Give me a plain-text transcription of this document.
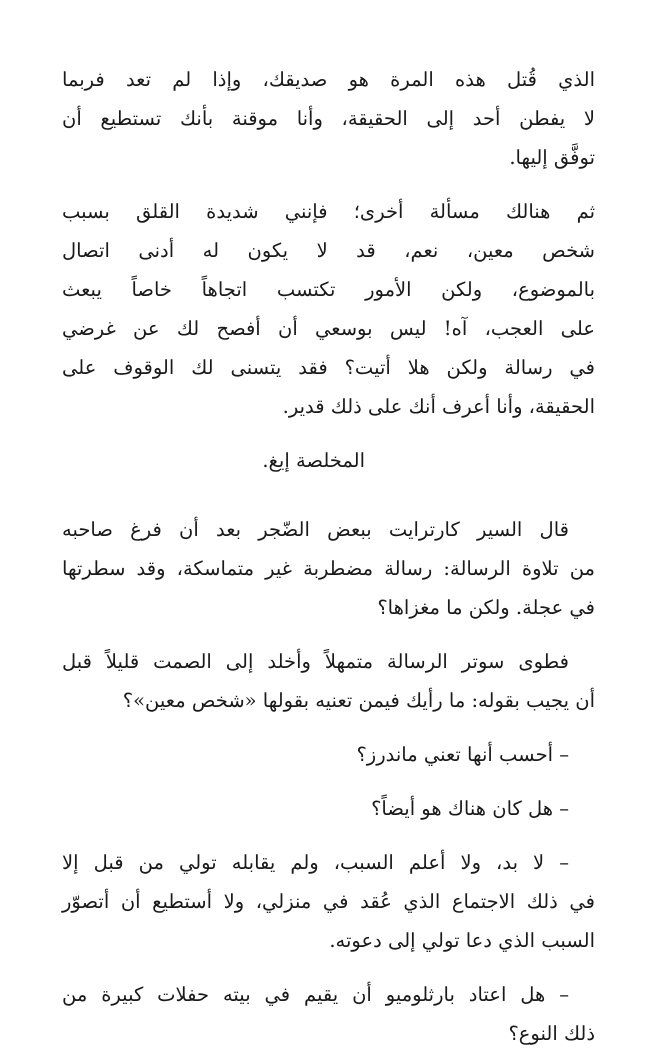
الذي قُتل هذه المرة هو صديقك، وإذا لم تعد فربما
لا يفطن أحد إلى الحقيقة، وأنا موقنة بأنك تستطيع أن
توفَّق إليها.
ثم هنالك مسألة أخرى؛ فإنني شديدة القلق بسبب
شخص معين، نعم، قد لا يكون له أدنى اتصال
بالموضوع، ولكن الأمور تكتسب اتجاهاً خاصاً يبعث
على العجب، آه! ليس بوسعي أن أفصح لك عن غرضي
في رسالة ولكن هلا أتيت؟ فقد يتسنى لك الوقوف على
الحقيقة، وأنا أعرف أنك على ذلك قدير.
المخلصة إيغ.
قال السير كارترايت ببعض الضّجر بعد أن فرغ صاحبه
من تلاوة الرسالة: رسالة مضطربة غير متماسكة، وقد سطرتها
في عجلة. ولكن ما مغزاها؟
فطوى سوتر الرسالة متمهلاً وأخلد إلى الصمت قليلاً قبل
أن يجيب بقوله: ما رأيك فيمن تعنيه بقولها «شخص معين»؟
– أحسب أنها تعني ماندرز؟
– هل كان هناك هو أيضاً؟
– لا بد، ولا أعلم السبب، ولم يقابله تولي من قبل إلا
في ذلك الاجتماع الذي عُقد في منزلي، ولا أستطيع أن أتصوّر
السبب الذي دعا تولي إلى دعوته.
– هل اعتاد بارثلوميو أن يقيم في بيته حفلات كبيرة من
ذلك النوع؟
